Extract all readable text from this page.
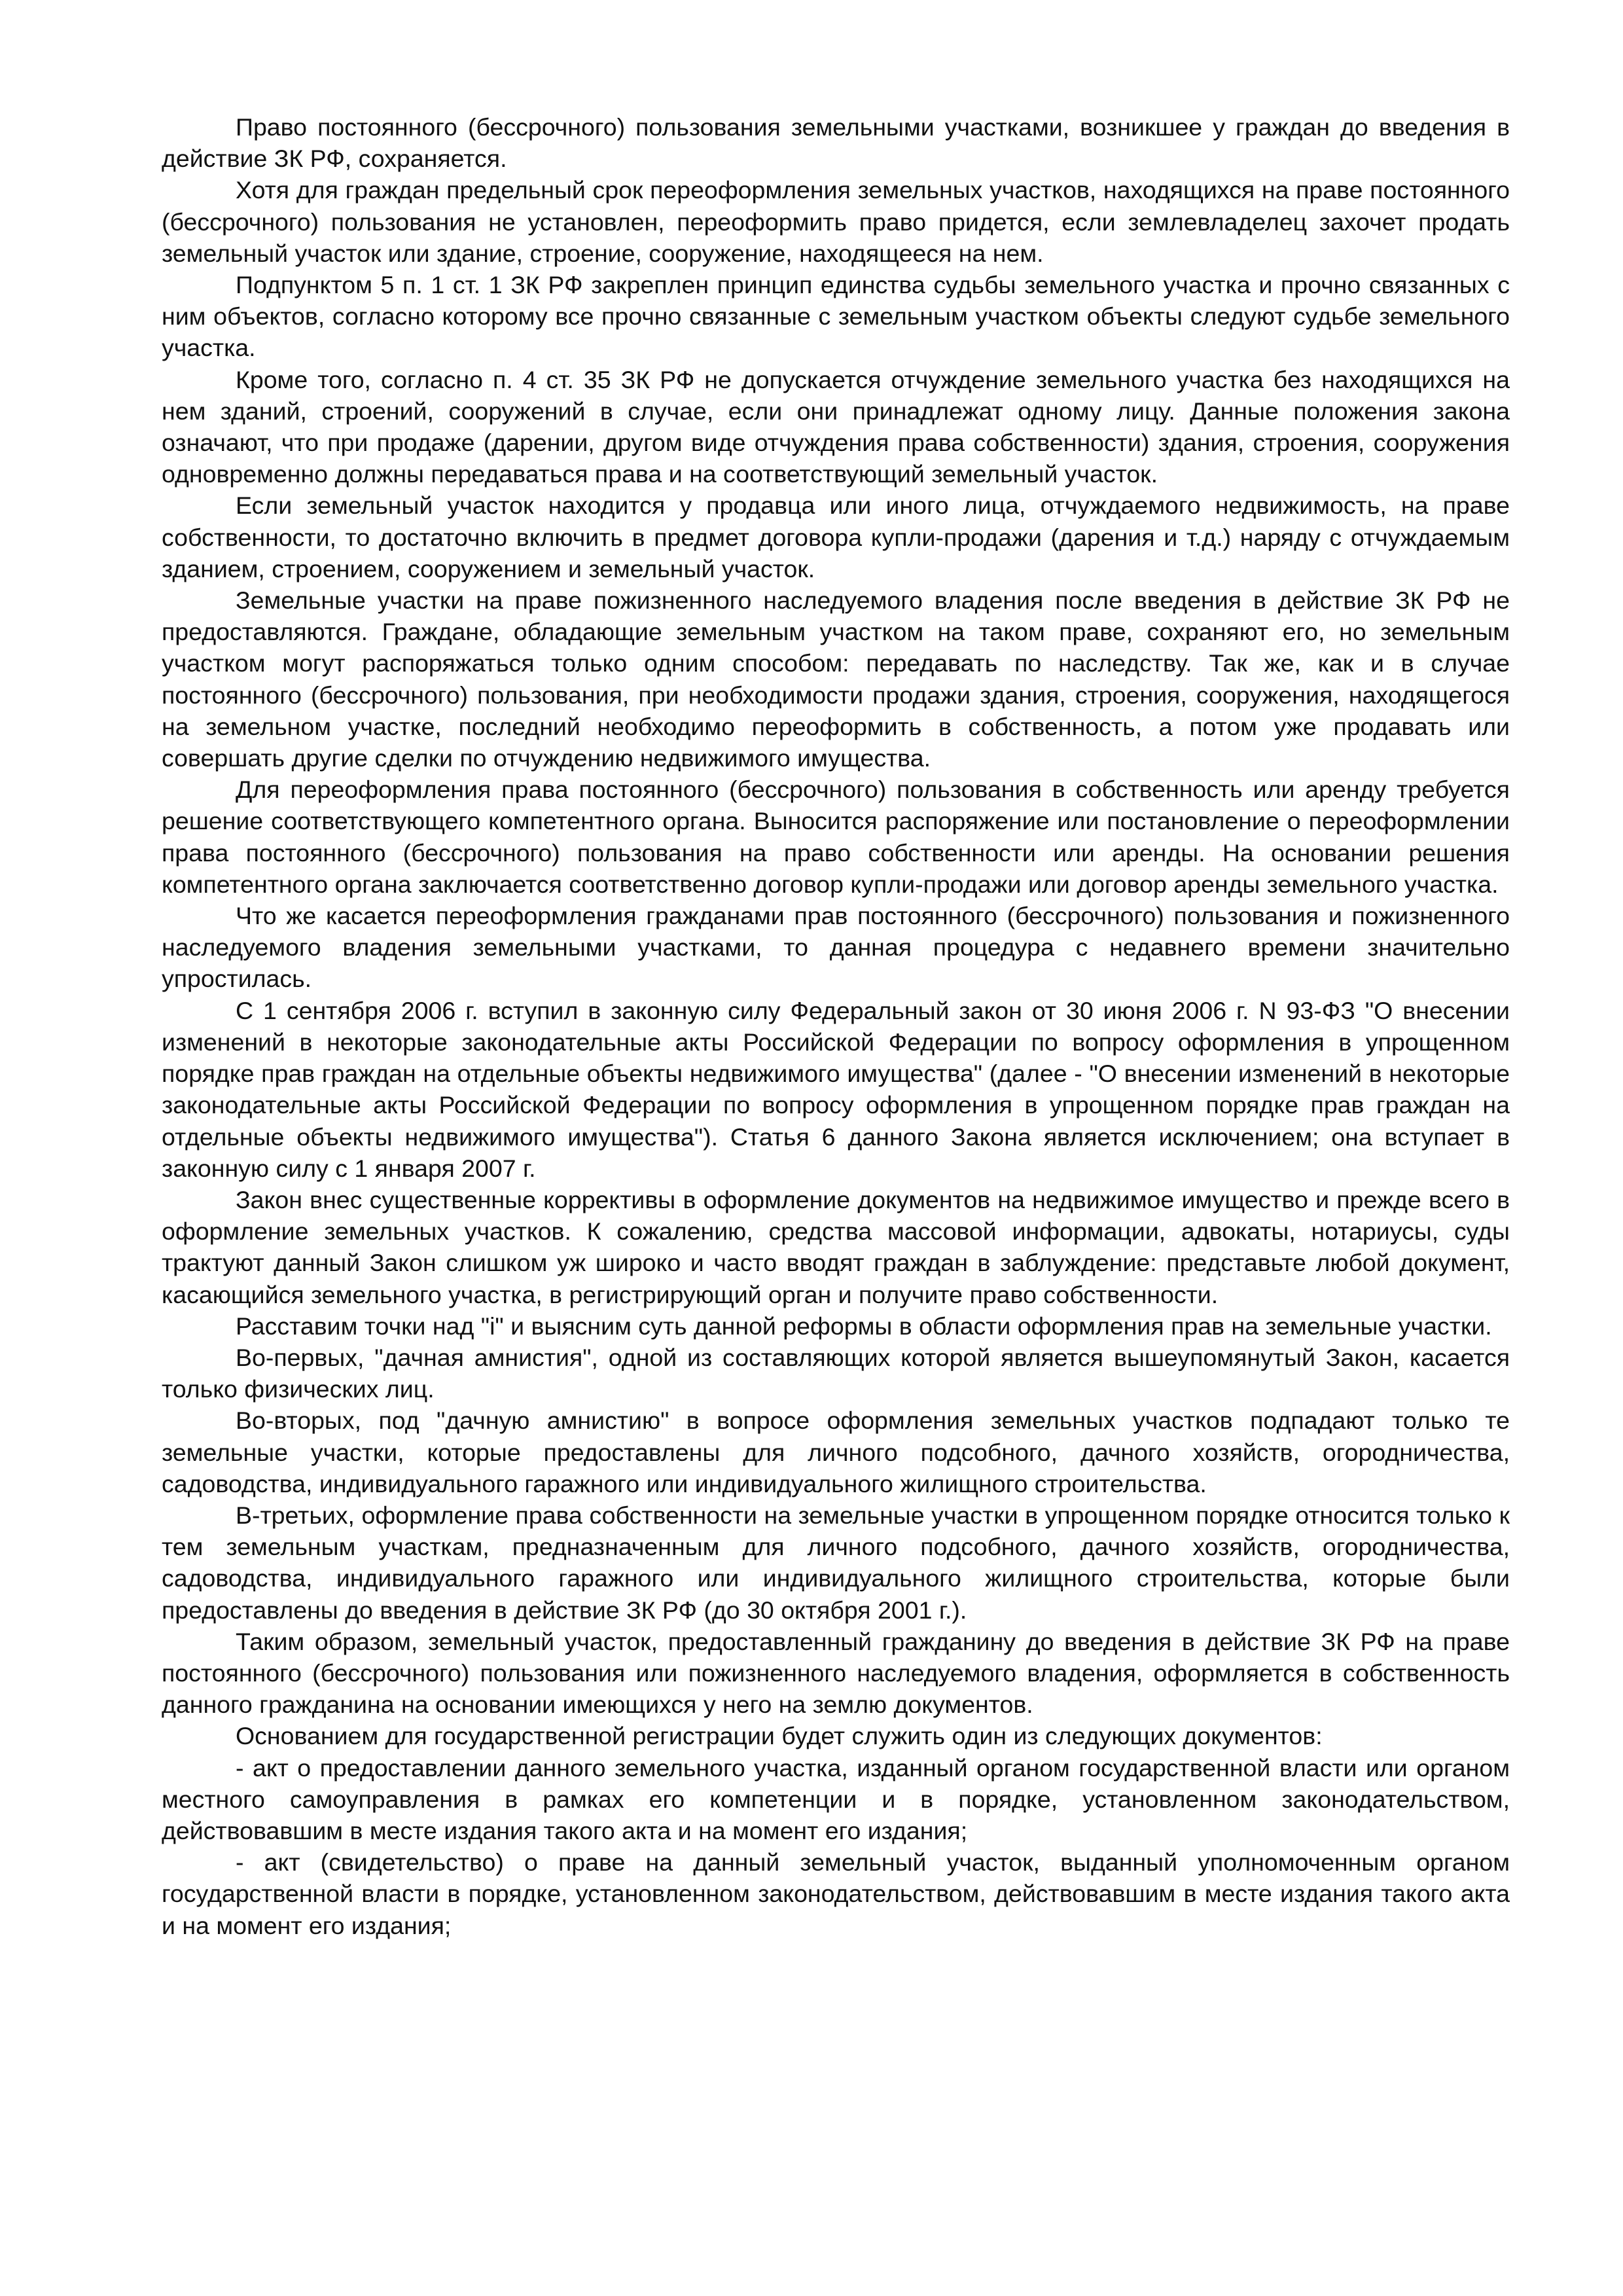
Право постоянного (бессрочного) пользования земельными участками, возникшее у граждан до введения в действие ЗК РФ, сохраняется.

Хотя для граждан предельный срок переоформления земельных участков, находящихся на праве постоянного (бессрочного) пользования не установлен, переоформить право придется, если землевладелец захочет продать земельный участок или здание, строение, сооружение, находящееся на нем.

Подпунктом 5 п. 1 ст. 1 ЗК РФ закреплен принцип единства судьбы земельного участка и прочно связанных с ним объектов, согласно которому все прочно связанные с земельным участком объекты следуют судьбе земельного участка.

Кроме того, согласно п. 4 ст. 35 ЗК РФ не допускается отчуждение земельного участка без находящихся на нем зданий, строений, сооружений в случае, если они принадлежат одному лицу. Данные положения закона означают, что при продаже (дарении, другом виде отчуждения права собственности) здания, строения, сооружения одновременно должны передаваться права и на соответствующий земельный участок.

Если земельный участок находится у продавца или иного лица, отчуждаемого недвижимость, на праве собственности, то достаточно включить в предмет договора купли-продажи (дарения и т.д.) наряду с отчуждаемым зданием, строением, сооружением и земельный участок.

Земельные участки на праве пожизненного наследуемого владения после введения в действие ЗК РФ не предоставляются. Граждане, обладающие земельным участком на таком праве, сохраняют его, но земельным участком могут распоряжаться только одним способом: передавать по наследству. Так же, как и в случае постоянного (бессрочного) пользования, при необходимости продажи здания, строения, сооружения, находящегося на земельном участке, последний необходимо переоформить в собственность, а потом уже продавать или совершать другие сделки по отчуждению недвижимого имущества.

Для переоформления права постоянного (бессрочного) пользования в собственность или аренду требуется решение соответствующего компетентного органа. Выносится распоряжение или постановление о переоформлении права постоянного (бессрочного) пользования на право собственности или аренды. На основании решения компетентного органа заключается соответственно договор купли-продажи или договор аренды земельного участка.

Что же касается переоформления гражданами прав постоянного (бессрочного) пользования и пожизненного наследуемого владения земельными участками, то данная процедура с недавнего времени значительно упростилась.

С 1 сентября 2006 г. вступил в законную силу Федеральный закон от 30 июня 2006 г. N 93-ФЗ "О внесении изменений в некоторые законодательные акты Российской Федерации по вопросу оформления в упрощенном порядке прав граждан на отдельные объекты недвижимого имущества" (далее - "О внесении изменений в некоторые законодательные акты Российской Федерации по вопросу оформления в упрощенном порядке прав граждан на отдельные объекты недвижимого имущества"). Статья 6 данного Закона является исключением; она вступает в законную силу с 1 января 2007 г.

Закон внес существенные коррективы в оформление документов на недвижимое имущество и прежде всего в оформление земельных участков. К сожалению, средства массовой информации, адвокаты, нотариусы, суды трактуют данный Закон слишком уж широко и часто вводят граждан в заблуждение: представьте любой документ, касающийся земельного участка, в регистрирующий орган и получите право собственности.

Расставим точки над "i" и выясним суть данной реформы в области оформления прав на земельные участки.

Во-первых, "дачная амнистия", одной из составляющих которой является вышеупомянутый Закон, касается только физических лиц.

Во-вторых, под "дачную амнистию" в вопросе оформления земельных участков подпадают только те земельные участки, которые предоставлены для личного подсобного, дачного хозяйств, огородничества, садоводства, индивидуального гаражного или индивидуального жилищного строительства.

В-третьих, оформление права собственности на земельные участки в упрощенном порядке относится только к тем земельным участкам, предназначенным для личного подсобного, дачного хозяйств, огородничества, садоводства, индивидуального гаражного или индивидуального жилищного строительства, которые были предоставлены до введения в действие ЗК РФ (до 30 октября 2001 г.).

Таким образом, земельный участок, предоставленный гражданину до введения в действие ЗК РФ на праве постоянного (бессрочного) пользования или пожизненного наследуемого владения, оформляется в собственность данного гражданина на основании имеющихся у него на землю документов.

Основанием для государственной регистрации будет служить один из следующих документов:

- акт о предоставлении данного земельного участка, изданный органом государственной власти или органом местного самоуправления в рамках его компетенции и в порядке, установленном законодательством, действовавшим в месте издания такого акта и на момент его издания;

- акт (свидетельство) о праве на данный земельный участок, выданный уполномоченным органом государственной власти в порядке, установленном законодательством, действовавшим в месте издания такого акта и на момент его издания;
